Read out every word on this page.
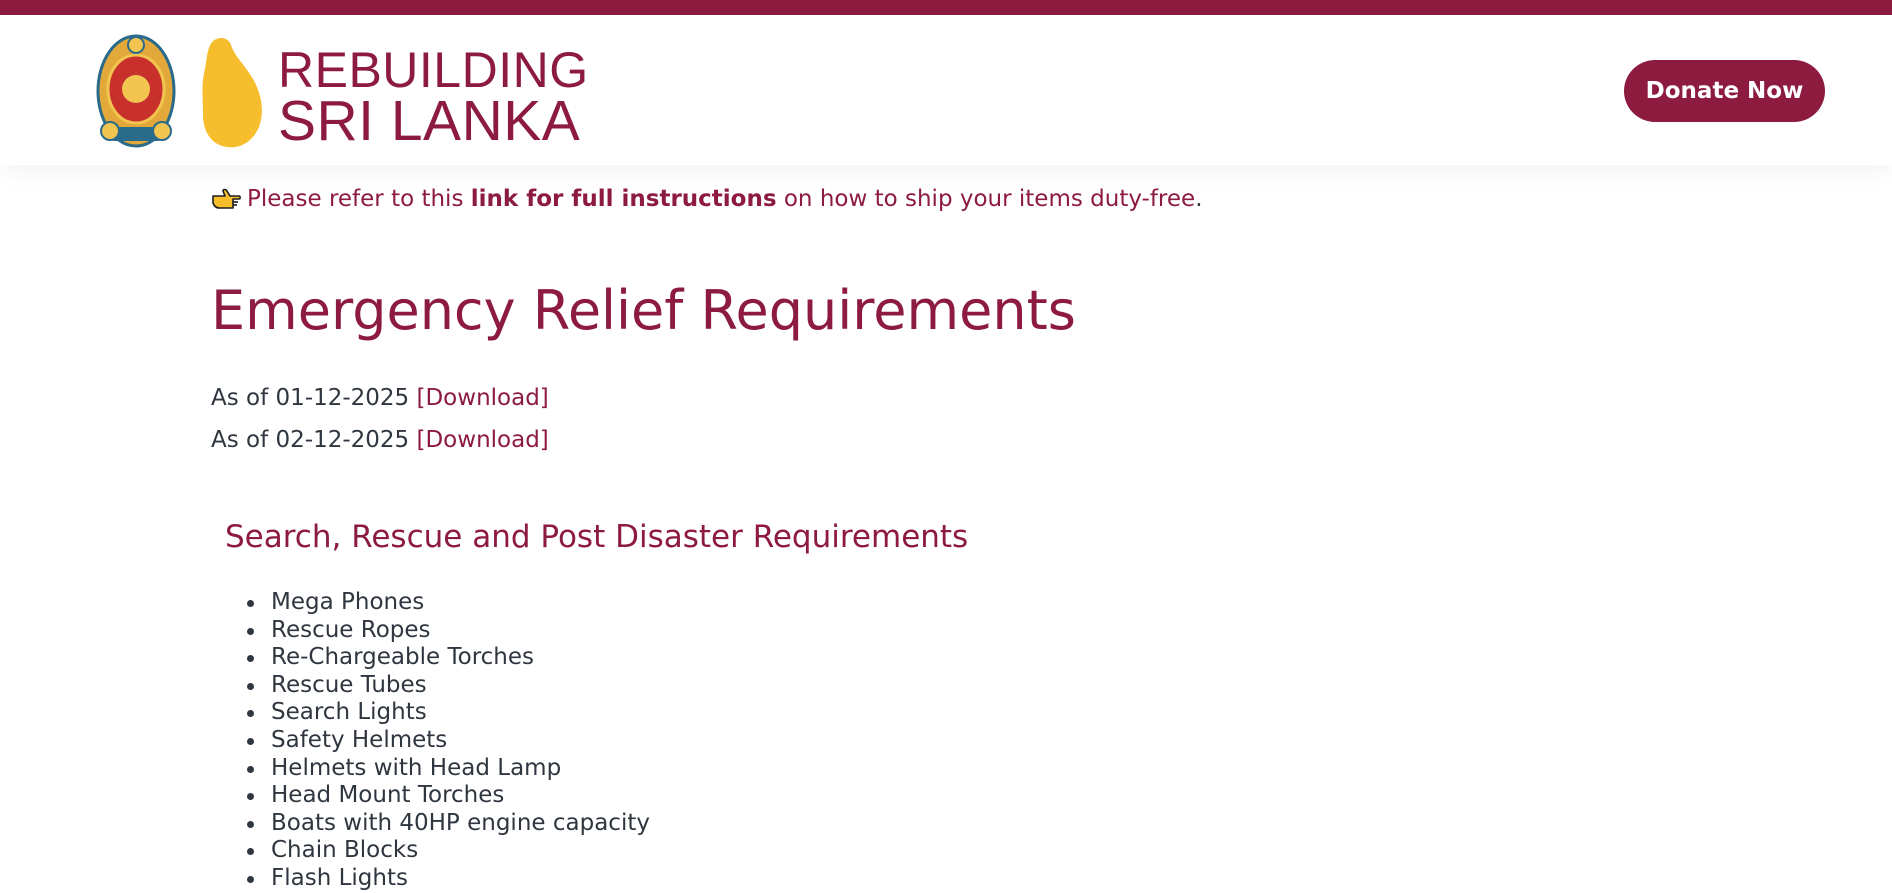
REBUILDING
SRI LANKA	Donate Now
Please refer to this link for full instructions on how to ship your items duty-free.
Emergency Relief Requirements
As of 01-12-2025 [Download]
As of 02-12-2025 [Download]
Search, Rescue and Post Disaster Requirements
Mega Phones
Rescue Ropes
Re-Chargeable Torches
Rescue Tubes
Search Lights
Safety Helmets
Helmets with Head Lamp
Head Mount Torches
Boats with 40HP engine capacity
Chain Blocks
Flash Lights
